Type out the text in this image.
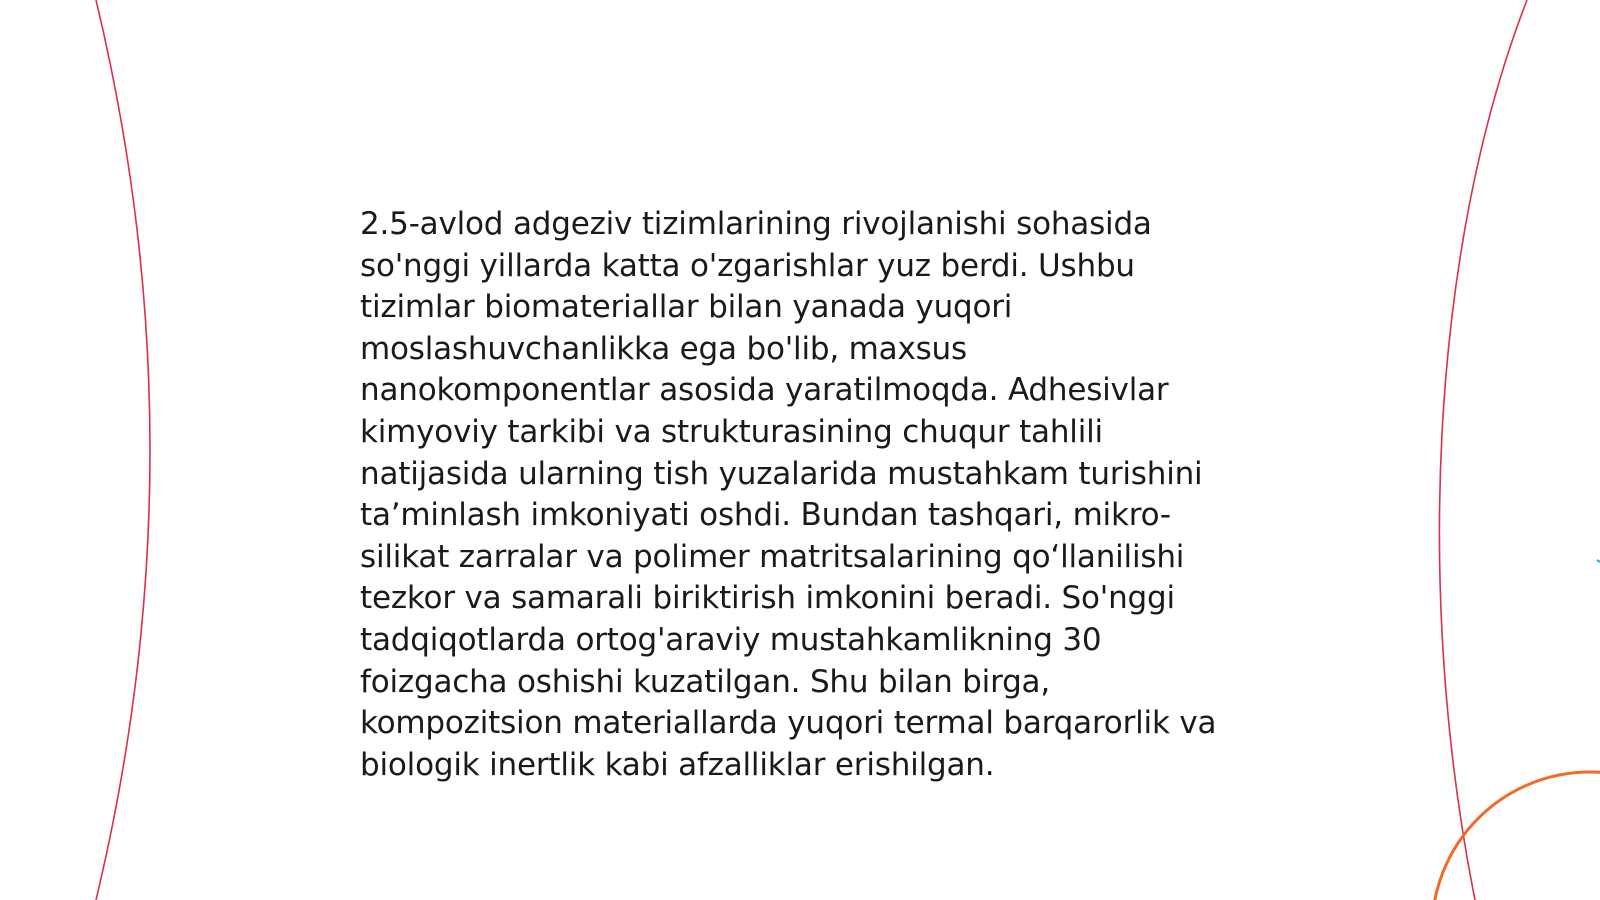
2.5-avlod adgeziv tizimlarining rivojlanishi sohasida so'nggi yillarda katta o'zgarishlar yuz berdi. Ushbu tizimlar biomateriallar bilan yanada yuqori moslashuvchanlikka ega bo'lib, maxsus nanokomponentlar asosida yaratilmoqda. Adhesivlar kimyoviy tarkibi va strukturasining chuqur tahlili natijasida ularning tish yuzalarida mustahkam turishini taʼminlash imkoniyati oshdi. Bundan tashqari, mikro-silikat zarralar va polimer matritsalarining qoʻllanilishi tezkor va samarali biriktirish imkonini beradi. So'nggi tadqiqotlarda ortog'araviy mustahkamlikning 30 foizgacha oshishi kuzatilgan. Shu bilan birga, kompozitsion materiallarda yuqori termal barqarorlik va biologik inertlik kabi afzalliklar erishilgan.
